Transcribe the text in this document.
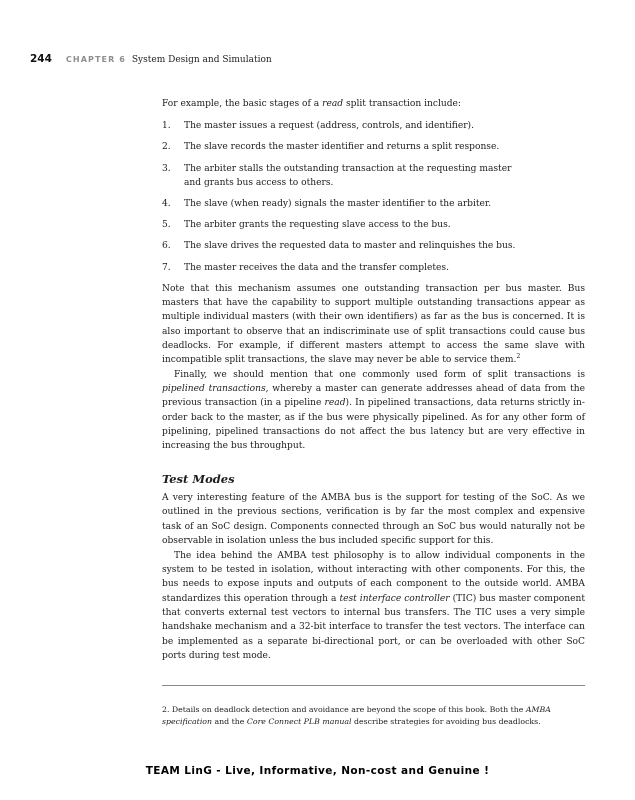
244 CHAPTER 6 System Design and Simulation

For example, the basic stages of a read split transaction include:

1.	The master issues a request (address, controls, and identifier).
2.	The slave records the master identifier and returns a split response.
3.	The arbiter stalls the outstanding transaction at the requesting master and grants bus access to others.
4.	The slave (when ready) signals the master identifier to the arbiter.
5.	The arbiter grants the requesting slave access to the bus.
6.	The slave drives the requested data to master and relinquishes the bus.
7.	The master receives the data and the transfer completes.

Note that this mechanism assumes one outstanding transaction per bus master. Bus masters that have the capability to support multiple outstanding transactions appear as multiple individual masters (with their own identifiers) as far as the bus is concerned. It is also important to observe that an indiscriminate use of split transactions could cause bus deadlocks. For example, if different masters attempt to access the same slave with incompatible split transactions, the slave may never be able to service them.$^2$

Finally, we should mention that one commonly used form of split transactions is pipelined transactions, whereby a master can generate addresses ahead of data from the previous transaction (in a pipeline read). In pipelined transactions, data returns strictly in-order back to the master, as if the bus were physically pipelined. As for any other form of pipelining, pipelined transactions do not affect the bus latency but are very effective in increasing the bus throughput.

Test Modes

A very interesting feature of the AMBA bus is the support for testing of the SoC. As we outlined in the previous sections, verification is by far the most complex and expensive task of an SoC design. Components connected through an SoC bus would naturally not be observable in isolation unless the bus included specific support for this.

The idea behind the AMBA test philosophy is to allow individual components in the system to be tested in isolation, without interacting with other components. For this, the bus needs to expose inputs and outputs of each component to the outside world. AMBA standardizes this operation through a test interface controller (TIC) bus master component that converts external test vectors to internal bus transfers. The TIC uses a very simple handshake mechanism and a 32-bit interface to transfer the test vectors. The interface can be implemented as a separate bi-directional port, or can be overloaded with other SoC ports during test mode.

2. Details on deadlock detection and avoidance are beyond the scope of this book. Both the AMBA specification and the Core Connect PLB manual describe strategies for avoiding bus deadlocks.

TEAM LinG - Live, Informative, Non-cost and Genuine !
